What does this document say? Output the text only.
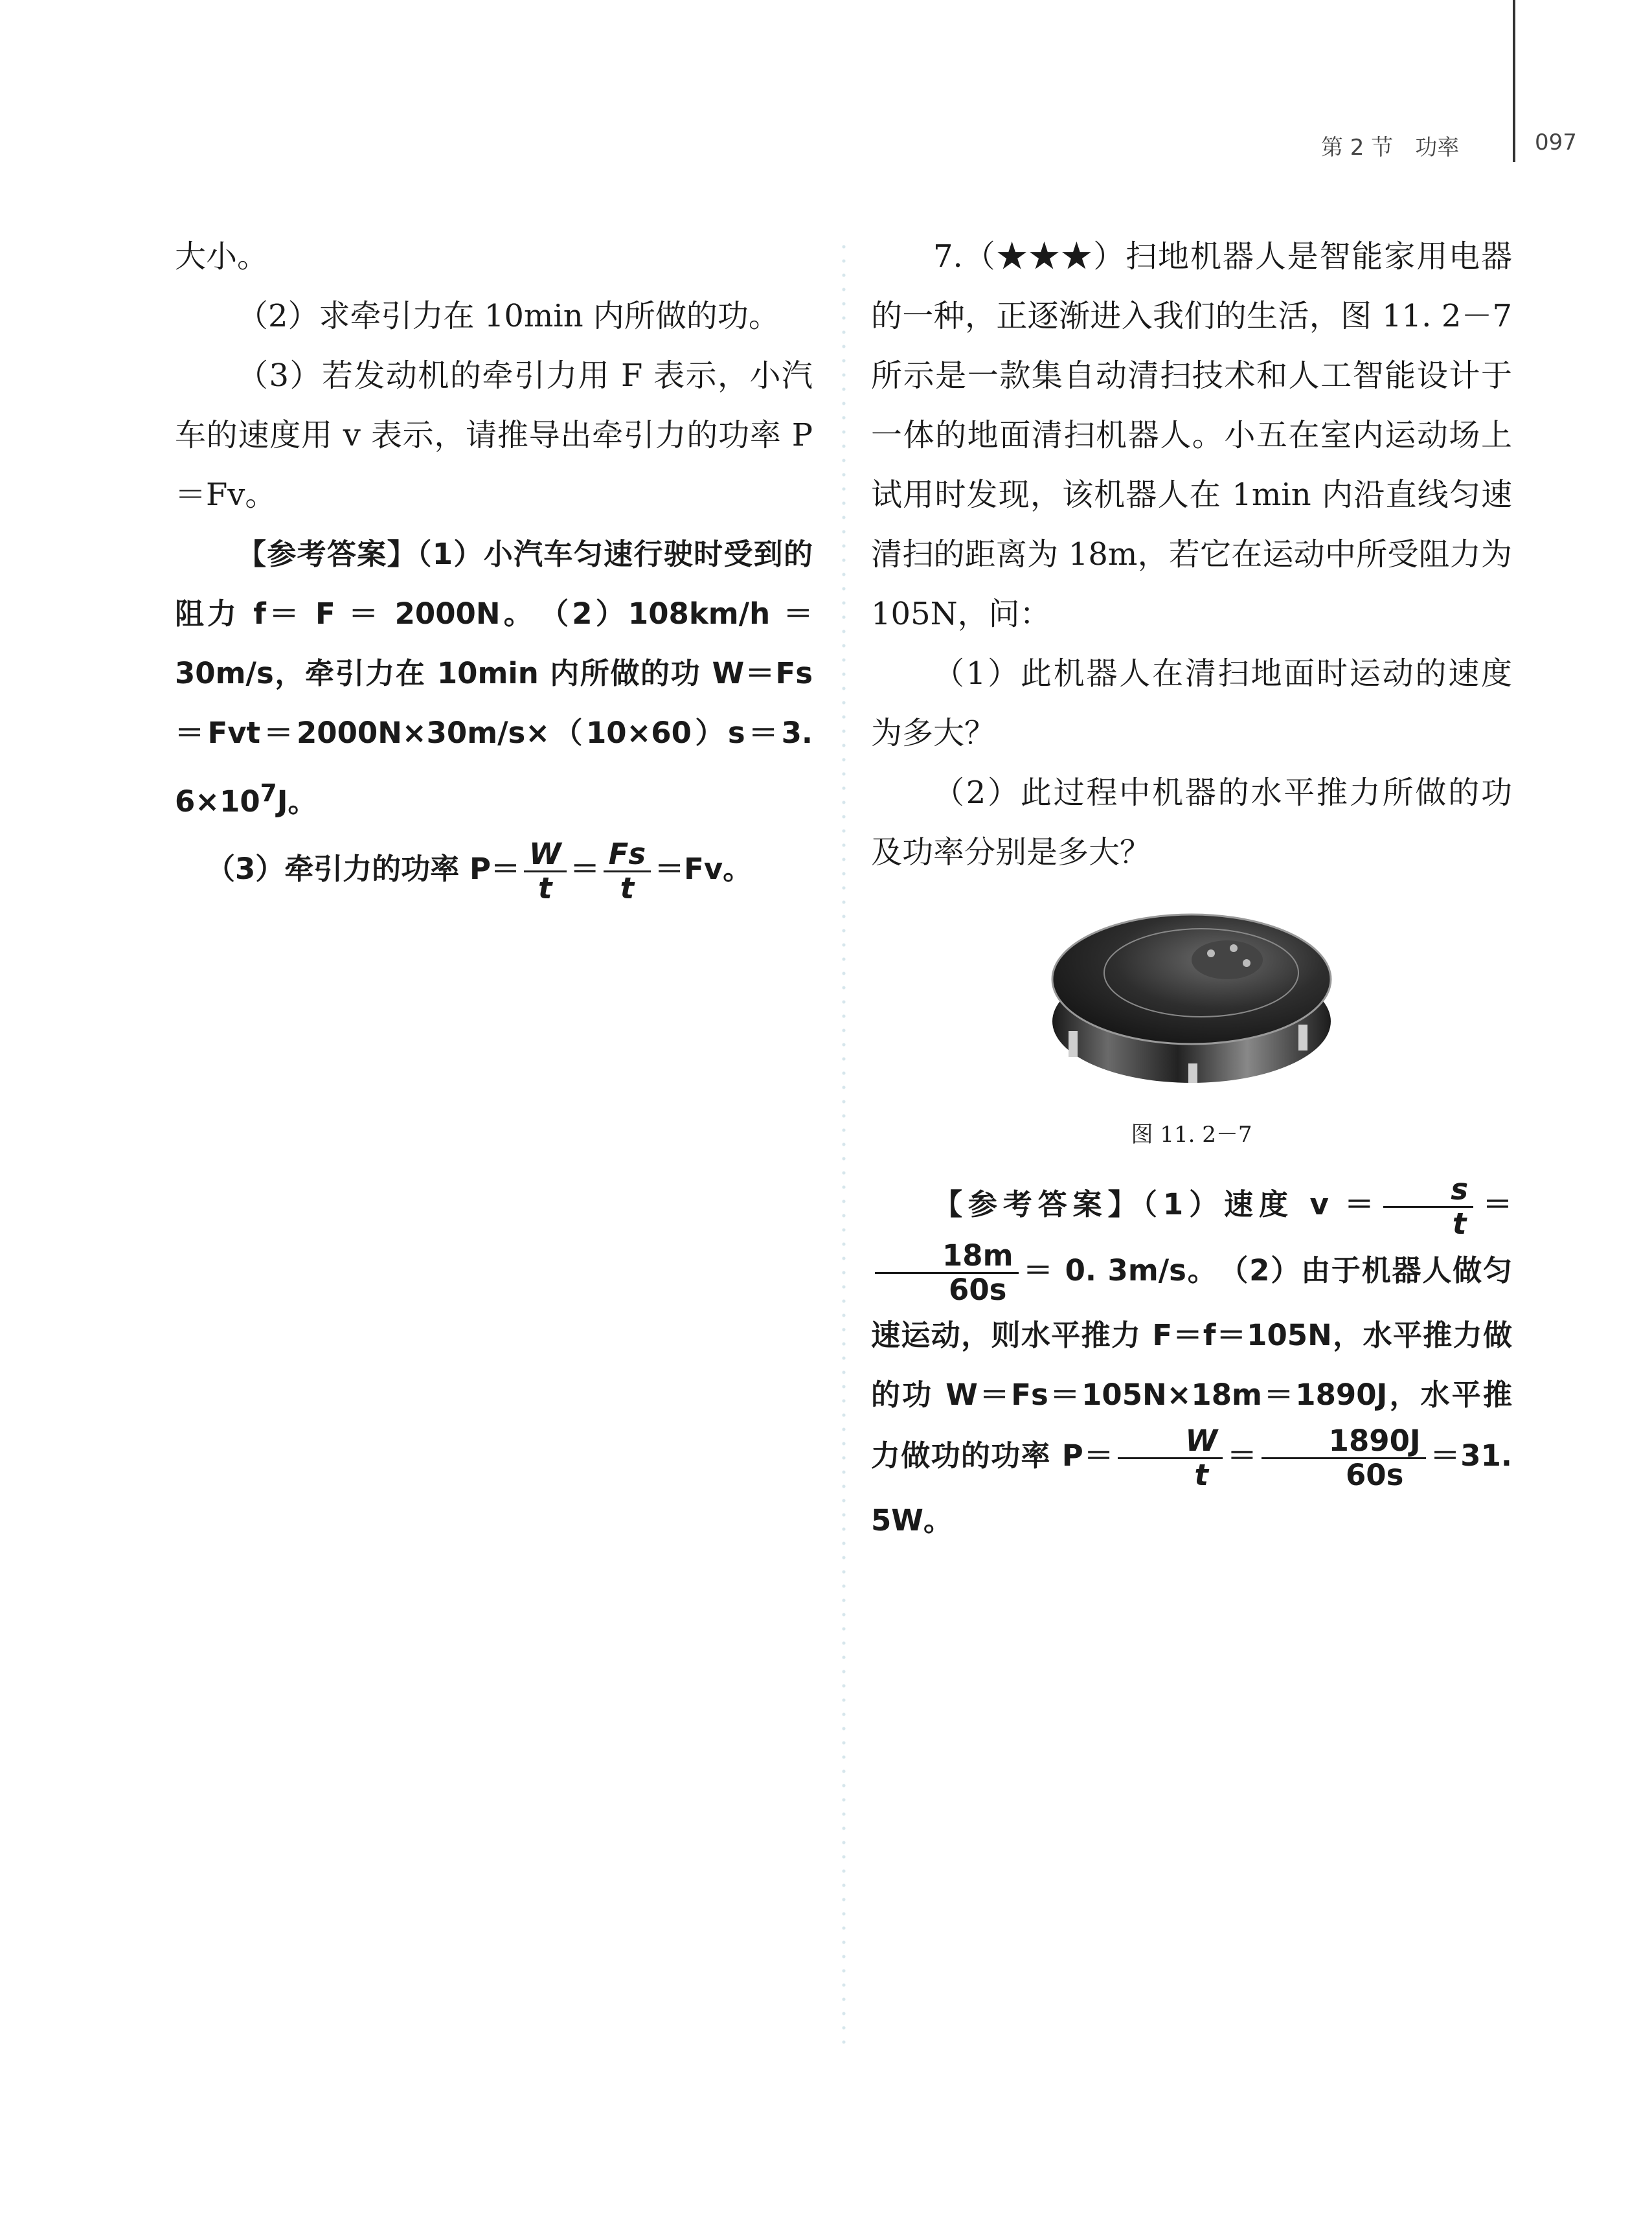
第 2 节　功率	097

大小。

（2）求牵引力在 10min 内所做的功。

（3）若发动机的牵引力用 F 表示，小汽车的速度用 v 表示，请推导出牵引力的功率 P＝Fv。

【参考答案】（1）小汽车匀速行驶时受到的阻力 f＝ F ＝ 2000N。　（2）108km/h ＝ 30m/s，牵引力在 10min 内所做的功 W＝Fs＝Fvt＝2000N×30m/s×（10×60）s＝3. $6\times 10^7J$。

（3）牵引力的功率 $P= \frac{W}{t} = \frac{Fs}{t} =Fv$。

7.（★★★）扫地机器人是智能家用电器的一种，正逐渐进入我们的生活，图 11. 2－7 所示是一款集自动清扫技术和人工智能设计于一体的地面清扫机器人。小五在室内运动场上试用时发现，该机器人在 1min 内沿直线匀速清扫的距离为 18m，若它在运动中所受阻力为 105N，问：

（1）此机器人在清扫地面时运动的速度为多大？

（2）此过程中机器的水平推力所做的功及功率分别是多大？

图 11. 2－7

【参考答案】（1）速度 $v = \frac{s}{t}$ ＝
$\frac{18m}{60s} = 0$. 3m/s。　（2）由于机器人做匀速运动，则水平推力 F＝f＝105N，水平推力做的功 W＝Fs＝105N×18m＝1890J，水平推力做功的功率 $P= \frac{W}{t} = \frac{1890J}{60s} =31$. 5W。
